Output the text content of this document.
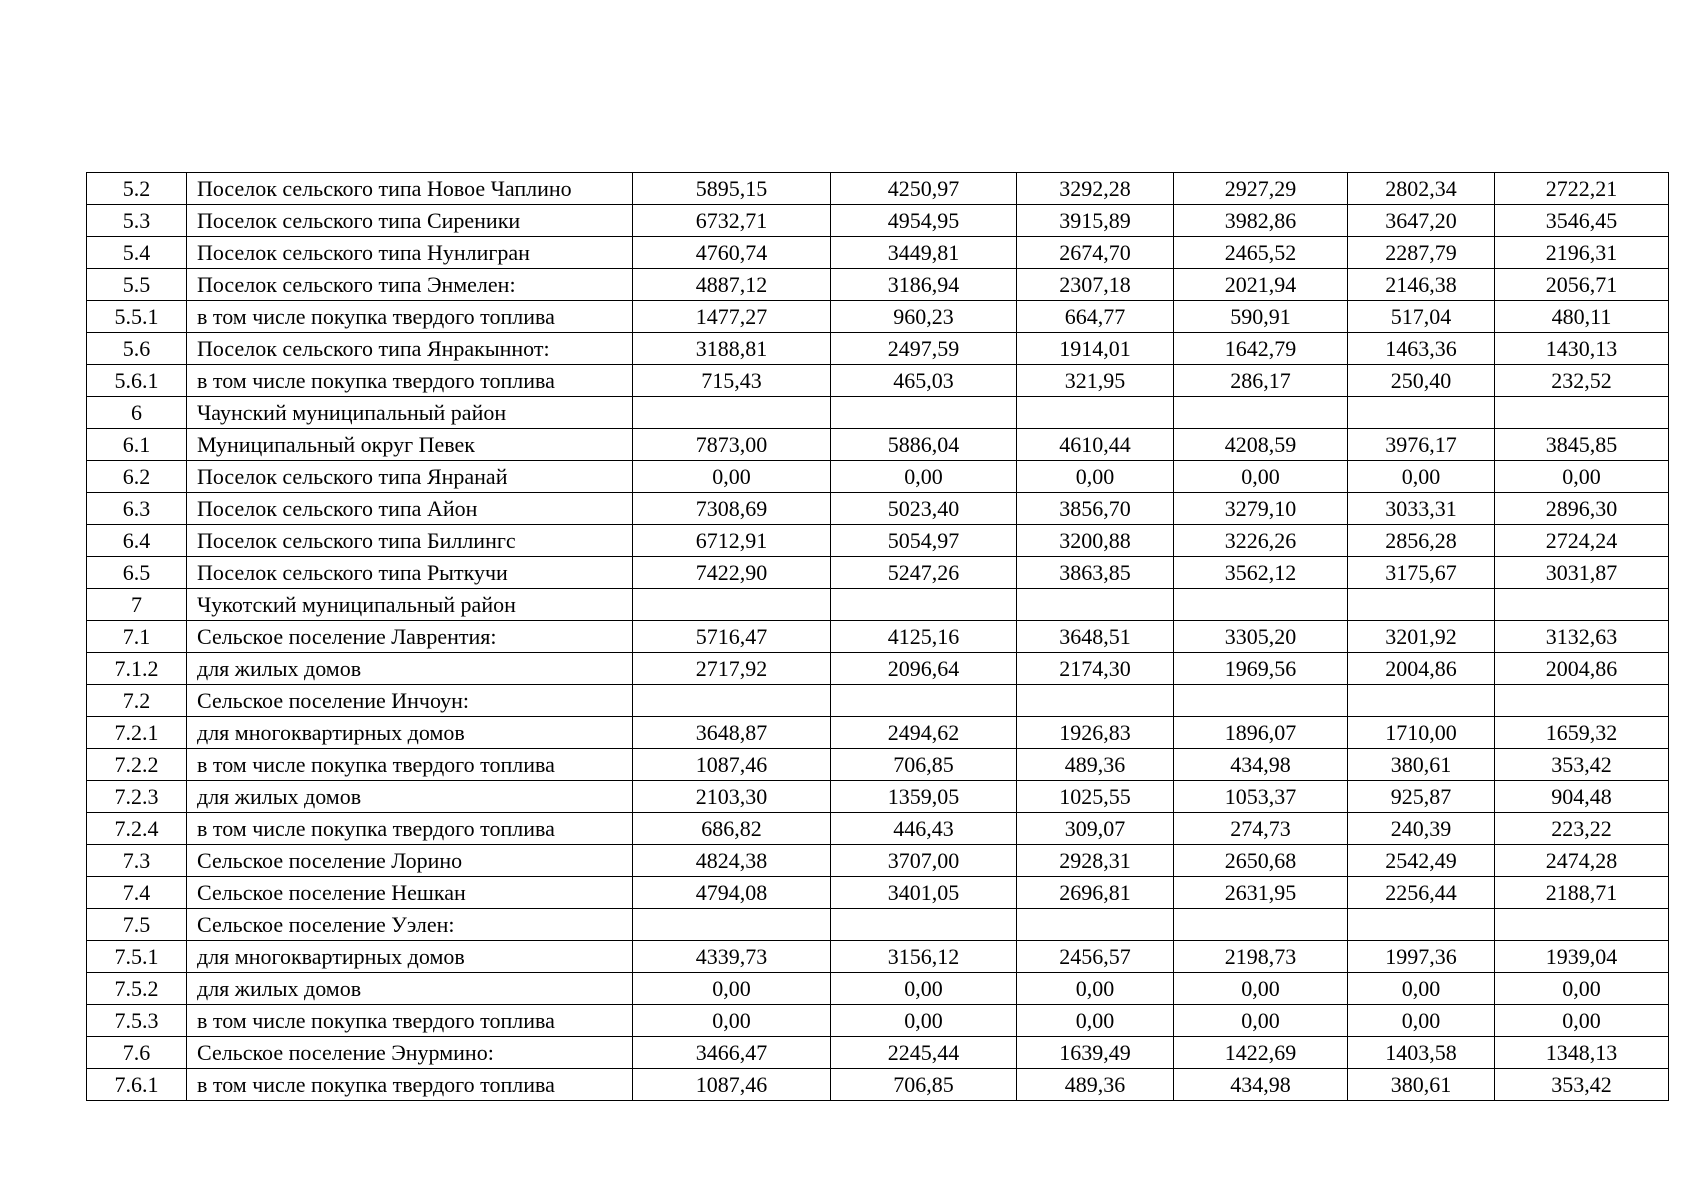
5.2	Поселок сельского типа Новое Чаплино	5895,15	4250,97	3292,28	2927,29	2802,34	2722,21
5.3	Поселок сельского типа Сиреники	6732,71	4954,95	3915,89	3982,86	3647,20	3546,45
5.4	Поселок сельского типа Нунлигран	4760,74	3449,81	2674,70	2465,52	2287,79	2196,31
5.5	Поселок сельского типа Энмелен:	4887,12	3186,94	2307,18	2021,94	2146,38	2056,71
5.5.1	в том числе покупка твердого топлива	1477,27	960,23	664,77	590,91	517,04	480,11
5.6	Поселок сельского типа Янракыннот:	3188,81	2497,59	1914,01	1642,79	1463,36	1430,13
5.6.1	в том числе покупка твердого топлива	715,43	465,03	321,95	286,17	250,40	232,52
6	Чаунский муниципальный район						
6.1	Муниципальный округ Певек	7873,00	5886,04	4610,44	4208,59	3976,17	3845,85
6.2	Поселок сельского типа Янранай	0,00	0,00	0,00	0,00	0,00	0,00
6.3	Поселок сельского типа Айон	7308,69	5023,40	3856,70	3279,10	3033,31	2896,30
6.4	Поселок сельского типа Биллингс	6712,91	5054,97	3200,88	3226,26	2856,28	2724,24
6.5	Поселок сельского типа Рыткучи	7422,90	5247,26	3863,85	3562,12	3175,67	3031,87
7	Чукотский муниципальный район						
7.1	Сельское поселение Лаврентия:	5716,47	4125,16	3648,51	3305,20	3201,92	3132,63
7.1.2	для жилых домов	2717,92	2096,64	2174,30	1969,56	2004,86	2004,86
7.2	Сельское поселение Инчоун:						
7.2.1	для многоквартирных домов	3648,87	2494,62	1926,83	1896,07	1710,00	1659,32
7.2.2	в том числе покупка твердого топлива	1087,46	706,85	489,36	434,98	380,61	353,42
7.2.3	для жилых домов	2103,30	1359,05	1025,55	1053,37	925,87	904,48
7.2.4	в том числе покупка твердого топлива	686,82	446,43	309,07	274,73	240,39	223,22
7.3	Сельское поселение Лорино	4824,38	3707,00	2928,31	2650,68	2542,49	2474,28
7.4	Сельское поселение Нешкан	4794,08	3401,05	2696,81	2631,95	2256,44	2188,71
7.5	Сельское поселение Уэлен:						
7.5.1	для многоквартирных домов	4339,73	3156,12	2456,57	2198,73	1997,36	1939,04
7.5.2	для жилых домов	0,00	0,00	0,00	0,00	0,00	0,00
7.5.3	в том числе покупка твердого топлива	0,00	0,00	0,00	0,00	0,00	0,00
7.6	Сельское поселение Энурмино:	3466,47	2245,44	1639,49	1422,69	1403,58	1348,13
7.6.1	в том числе покупка твердого топлива	1087,46	706,85	489,36	434,98	380,61	353,42
